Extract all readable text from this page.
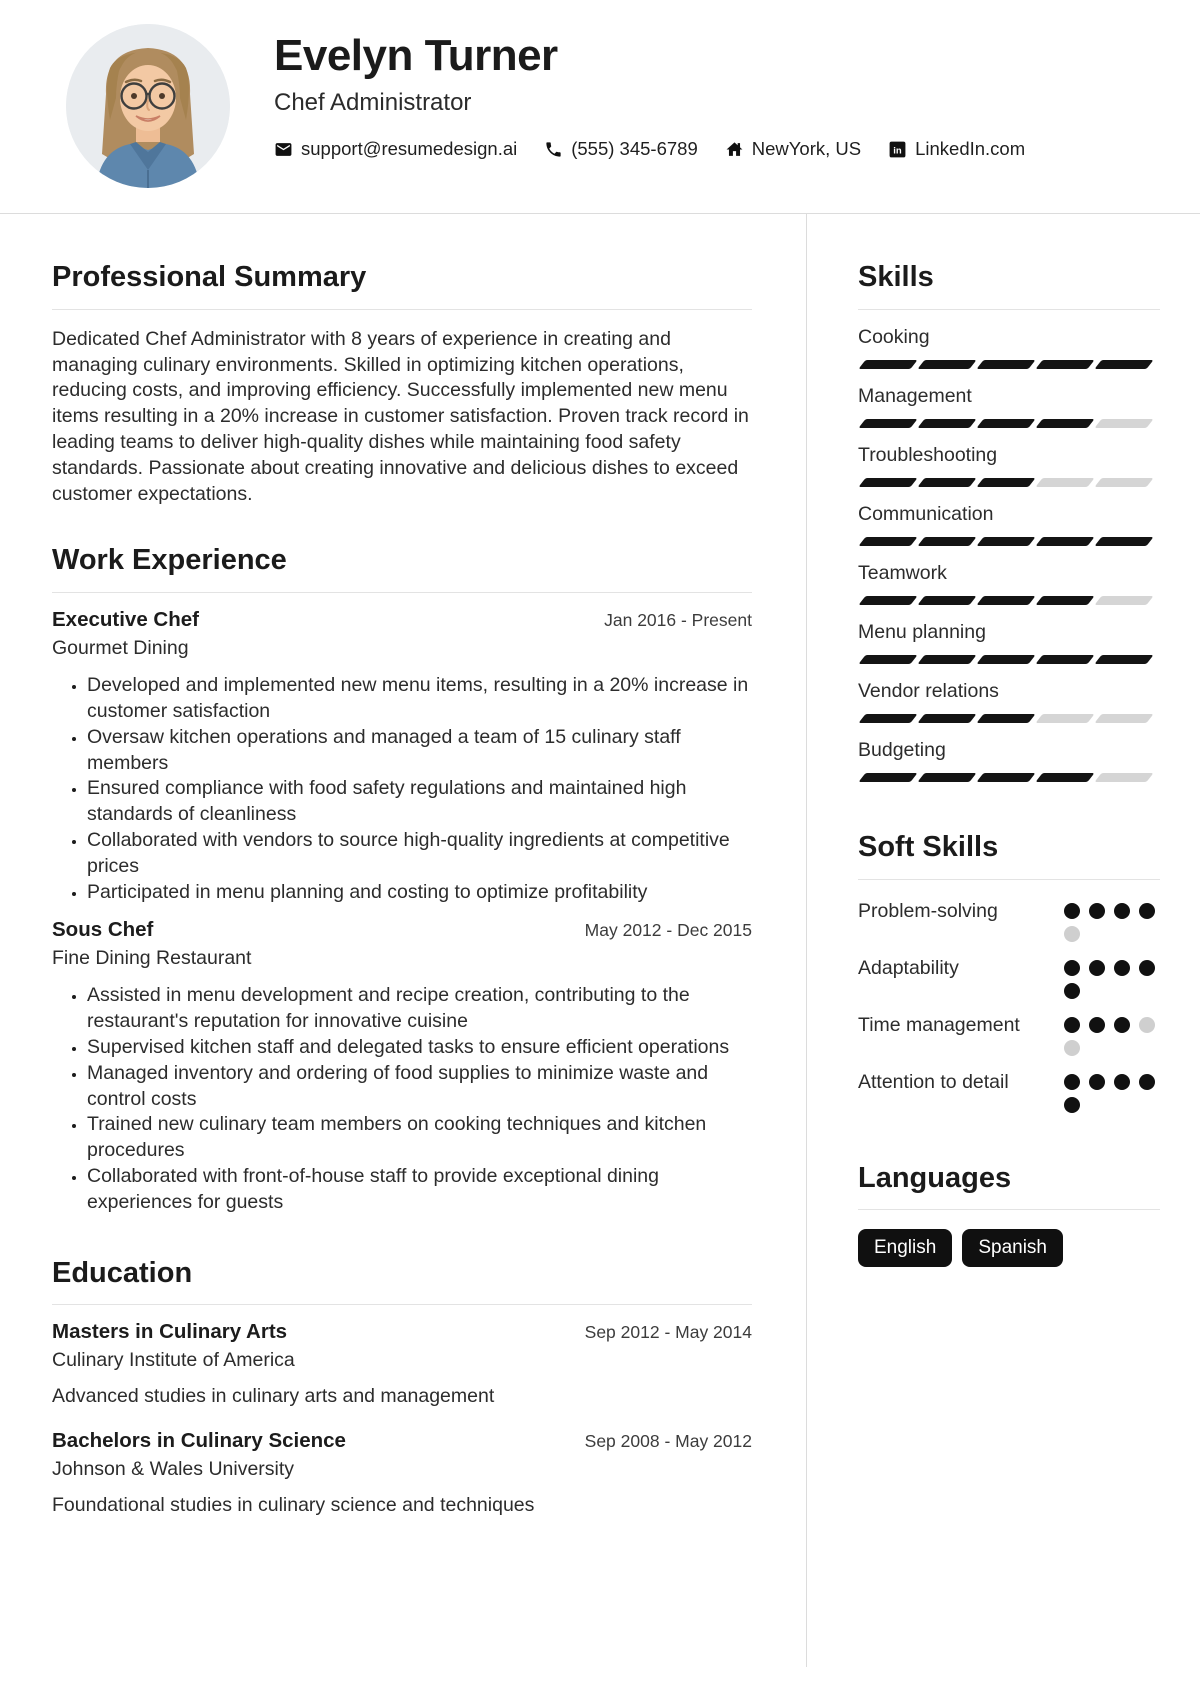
Evelyn Turner
Chef Administrator
support@resumedesign.ai	(555) 345-6789	NewYork, US	in LinkedIn.com
Professional Summary

Dedicated Chef Administrator with 8 years of experience in creating and managing culinary environments. Skilled in optimizing kitchen operations, reducing costs, and improving efficiency. Successfully implemented new menu items resulting in a 20% increase in customer satisfaction. Proven track record in leading teams to deliver high-quality dishes while maintaining food safety standards. Passionate about creating innovative and delicious dishes to exceed customer expectations.

Work Experience
Executive Chef	Jan 2016 - Present
Gourmet Dining
• Developed and implemented new menu items, resulting in a 20% increase in customer satisfaction
• Oversaw kitchen operations and managed a team of 15 culinary staff members
• Ensured compliance with food safety regulations and maintained high standards of cleanliness
• Collaborated with vendors to source high-quality ingredients at competitive prices
• Participated in menu planning and costing to optimize profitability
Sous Chef	May 2012 - Dec 2015
Fine Dining Restaurant
• Assisted in menu development and recipe creation, contributing to the restaurant's reputation for innovative cuisine
• Supervised kitchen staff and delegated tasks to ensure efficient operations
• Managed inventory and ordering of food supplies to minimize waste and control costs
• Trained new culinary team members on cooking techniques and kitchen procedures
• Collaborated with front-of-house staff to provide exceptional dining experiences for guests
Education
Masters in Culinary Arts	Sep 2012 - May 2014
Culinary Institute of America
Advanced studies in culinary arts and management
Bachelors in Culinary Science	Sep 2008 - May 2012
Johnson & Wales University
Foundational studies in culinary science and techniques
Skills
Cooking
Management
Troubleshooting
Communication
Teamwork
Menu planning
Vendor relations
Budgeting
Soft Skills
Problem-solving
Adaptability
Time management
Attention to detail
Languages
English	Spanish
